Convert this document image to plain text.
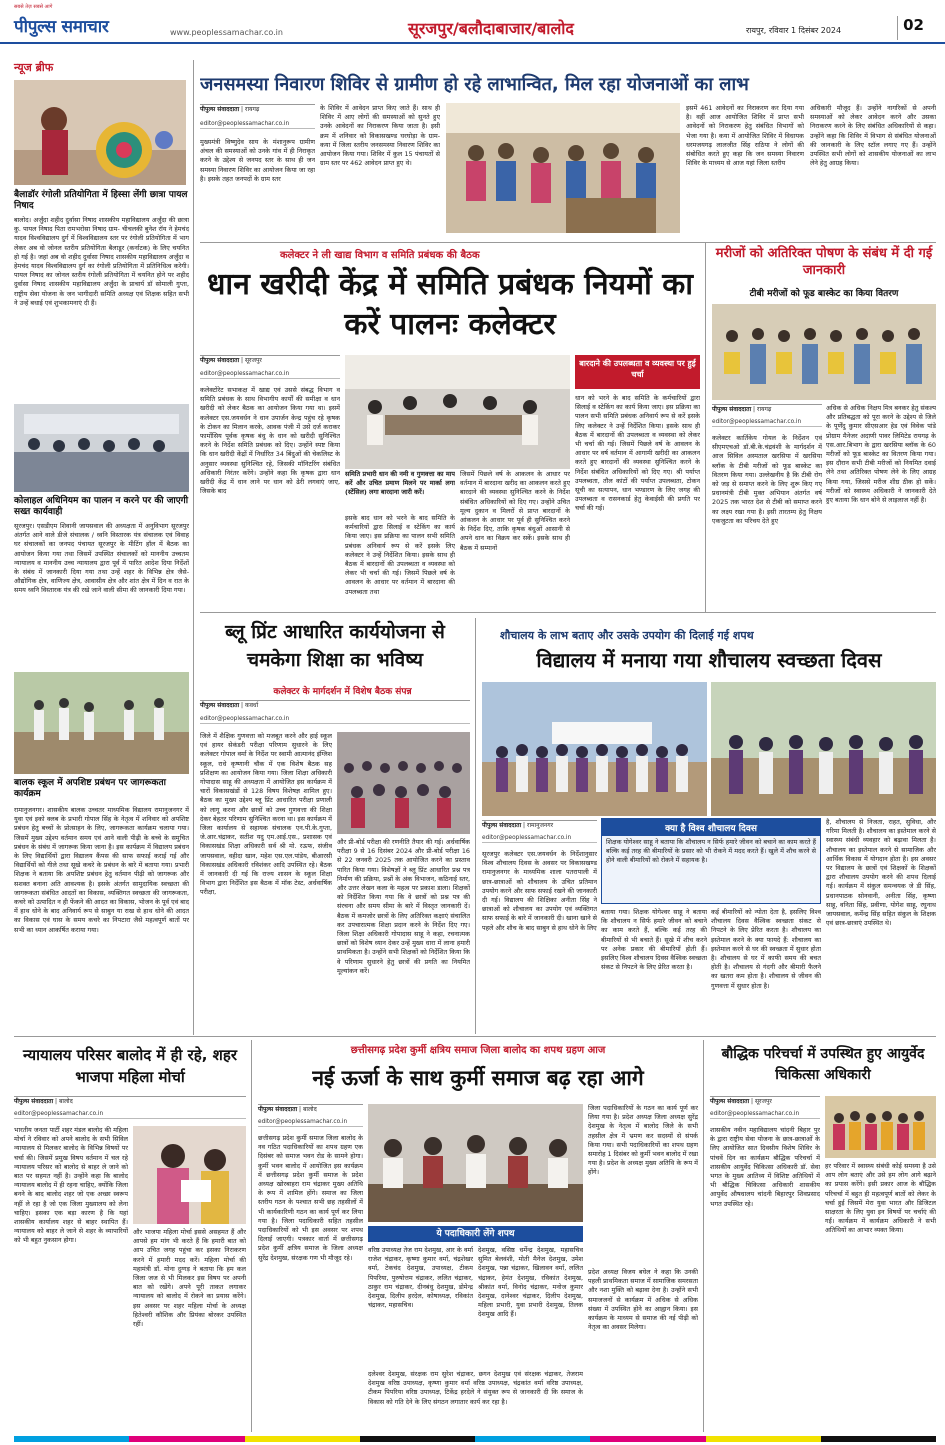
सबसे तेज़ सबसे आगे
पीपुल्स समाचार	www.peoplessamachar.co.in	सूरजपुर/बलौदाबाजार/बालोद	रायपुर, रविवार 1 दिसंबर 2024	02
न्यूज ब्रीफ
बैलाडॉर रंगोली प्रतियोगिता में हिस्सा लेंगी छात्रा पायल निषाद
बालोद। अर्जुंदा शहीद दुर्वासा निषाद शासकीय महाविद्यालय अर्जुंदा की छात्रा कु. पायल निषाद पिता रामभरोसा निषाद ग्राम- चीचलकी बुनेश रॉय ने हेमचंद यादव विश्वविद्यालय दुर्ग में विश्वविद्यालय स्तर पर रंगोली प्रतियोगिता में भाग लेकर अब वो जोनल स्तरीय प्रतियोगिता बैलाडूर (कर्नाटक) के लिए चयनित हो गई है। जहां अब वो शहीद दुर्वासा निषाद शासकीय महाविद्यालय अर्जुंदा व हेमचंद यादव विश्वविद्यालय दुर्ग का रंगोली प्रतियोगिता में प्रतिनिधित्व करेगी। पायल निषाद का जोनल स्तरीय रंगोली प्रतियोगिता में चयनित होने पर शहीद दुर्वासा निषाद शासकीय महाविद्यालय अर्जुंदा के प्राचार्य डॉ सोमाली गुप्ता, राष्ट्रीय सेवा योजना के जन भागीदारी समिति अध्यक्ष एवं शिक्षक सहित सभी ने उन्हें बधाई एवं शुभकामनाएं दी हैं।
कोलाहल अधिनियम का पालन न करने पर की जाएगी सख्त कार्यवाही
सूरजपुर। एसडीएम शिवानी जायसवाल की अध्यक्षता में अनुविभाग सूरजपुर अंतर्गत आने वाले डीजे संचालक / ध्वनि विस्तारक यंत्र संचालक एवं विवाह घर संचालकों का जनपद पंचायत सूरजपुर के मीटिंग हॉल में बैठक का आयोजन किया गया तथा जिसमें उपस्थित संचालकों को माननीय उच्चतम न्यायालय व माननीय उच्च न्यायालय द्वारा पूर्व में पारित आदेश दिया निर्देशों के संबंध में जानकारी दिया गया तथा उन्हें शहर के विभिन्न क्षेत्र जैसे- औद्योगिक क्षेत्र, वाणिज्य क्षेत्र, आवासीय क्षेत्र और शांत क्षेत्र में दिन व रात के समय ध्वनि विस्तारक यंत्र की रखे जाने वाली सीमा की जानकारी दिया गया।
बालक स्कूल में अपशिष्ट प्रबंधन पर जागरूकता कार्यक्रम
रामानुजनगर। शासकीय बालक उच्चतर माध्यमिक विद्यालय रामानुजनगर में युवा एवं इको क्लब के प्रभारी गोपाल सिंह के नेतृत्व में शनिवार को अपशिष्ट प्रबंधन हेतु बच्चों के प्रोत्साहन के लिए, जागरूकता कार्यक्रम चलाया गया। जिसमें मुख्य उद्देश्य वर्तमान समय एवं आने वाली पीढ़ी के बच्चे के समुचित प्रबंधन के संबंध में जागरूक किया जाना है। इस कार्यक्रम में विद्यालय प्रबंधन के लिए विद्यार्थियों द्वारा विद्यालय कैंपस की साफ सफाई कराई गई और विद्यार्थियों को गीले तथा सूखे कचरे के प्रबंधन के बारे में बताया गया। प्रभारी शिक्षक ने बताया कि अपशिष्ट प्रबंधन हेतु वर्तमान पीढ़ी को जागरूक और सशक्त बनाना अति आवश्यक है। इसके अंतर्गत सामुदायिक स्वच्छता की जागरूकता संबंधित आदतों का विकास, व्यक्तिगत स्वच्छता की जागरूकता, कचरे को उत्पादित न ही फेंकने की आदत का विकास, भोजन के पूर्व एवं बाद में हाथ धोने के बाद अनिवार्य रूप से साबुन या राख से हाथ धोने की आदत का विकास एवं घास के समय कचरे का निपटारा जैसे महत्वपूर्ण बातों पर सभी का ध्यान आकर्षित कराया गया।
जनसमस्या निवारण शिविर से ग्रामीण हो रहे लाभान्वित, मिल रहा योजनाओं का लाभ
पीपुल्स संवाददाता | रायगढ़
editor@peoplessamachar.co.in
मुख्यमंत्री विष्णुदेव साय के मंशानुरूप ग्रामीण अंचल की समस्याओं को उनके गांव में ही निराकृत करने के उद्देश्य से जनपद स्तर के साथ ही जन समस्या निवारण शिविर का आयोजन किया जा रहा है। इसके तहत जनपदों के ग्राम स्तर
के शिविर में आवेदन प्राप्त किए जाते हैं। साथ ही शिविर में आए लोगों की समस्याओं को सुनते हुए उनके आवेदनों का निराकरण किया जाता है। इसी क्रम में शनिवार को विकासखण्ड घरघोड़ा के ग्राम-कया में जिला स्तरीय जनसमस्या निवारण शिविर का आयोजन किया गया। शिविर में कुल 15 पंचायतों से ग्राम स्तर पर 462 आवेदन प्राप्त हुए थे।
इसमें 461 आवेदनों का निराकरण कर दिया गया है। वहीं आज आयोजित शिविर में प्राप्त सभी आवेदनों को निराकरण हेतु संबंधित विभागों को भेजा गया है। कया में आयोजित शिविर में विधायक धरमजयगढ़ लालजीत सिंह राठिया ने लोगों की संबोधित करते हुए कहा कि जन समस्या निवारण शिविर के माध्यम से आज यहां जिला स्तरीय
अधिकारी मौजूद हैं। उन्होंने नागरिकों से अपनी समस्याओं को लेकर आवेदन करने और उसका निराकरण करने के लिए संबंधित अधिकारियों से कहा। उन्होंने कहा कि शिविर में विभाग से संबंधित योजनाओं की जानकारी के लिए स्टॉल लगाए गए हैं। उन्होंने उपस्थित सभी लोगों को शासकीय योजनाओं का लाभ लेने हेतु आग्रह किया।
कलेक्टर ने ली खाद्य विभाग व समिति प्रबंधक की बैठक
धान खरीदी केंद्र में समिति प्रबंधक नियमों का करें पालनः कलेक्टर
पीपुल्स संवाददाता | सूरजपुर
editor@peoplessamachar.co.in
कलेक्टोरेट सभाकक्ष में खाद्य एवं उससे संबद्ध विभाग व समिति प्रबंधक के साथ विभागीय कार्यों की समीक्षा व धान खरीदी को लेकर बैठक का आयोजन किया गया था। इसमें कलेक्टर एस.जयवर्धन ने धान उपार्जन केन्द्र पहुंच रहे कृषक के टोकन का मिलान करके, आवक पंजी में उसे दर्ज कराकर फार्मोसिय पूर्वक कृषक बंधु के धान को खरीदी सुनिश्चित करने के निर्देश समिति प्रबंधक को दिए। उन्होंने स्पष्ट किया कि धान खरीदी केंद्रों में निर्धारित 34 बिंदुओं की चेकलिस्ट के अनुसार व्यवस्था सुनिश्चित रहे, जिसकी मॉनिटरिंग संबंधित अधिकारी निरंतर करेंगे। उन्होंने कहा कि कृषक द्वारा धान खरीदी केंद्र में धान लाने पर धान को ढेरी लगवाएं जाए, जिसके बाद
समिति प्रभारी धान की नमी व गुणवत्ता का माप करें और उचित प्रमाण मिलने पर मार्का लगा (स्टेंसिल) लगा बारदाना जारी करें।
इसके बाद धान को भरने के बाद समिति के कर्मचारियों द्वारा सिलाई व स्टेकिंग का कार्य किया जाए। इस प्रक्रिया का पालन सभी समिति प्रबंधक अनिवार्य रूप से करें इसके लिए कलेक्टर ने उन्हें निर्देशित किया। इसके साथ ही बैठक में बारदानों की उपलब्धता व व्यवस्था को लेकर भी चर्चा की गई। जिसमें पिछले वर्ष के आवलन के आधार पर वर्तमान में बारदाना की उपलब्धता तथा
जिसमें पिछले वर्ष के आकलन के आधार पर वर्तमान में बारदाना खरीद का आकलन करते हुए बारदाने की व्यवस्था सुनिश्चित करने के निर्देश संबंधित अधिकारियों को दिए गए। उन्होंने उचित मूल्य दुकान व मिलरों से प्राप्त बारदानों के आंकलन के आधार पर पूर्व ही सुनिश्चित करने के निर्देश दिए, ताकि कृषक बंधुओं आसानी से अपने धान का विक्रय कर सकें। इसके साथ ही बैठक में सम्मानों
बारदाने की उपलब्धता व व्यवस्था पर हुई चर्चा
धान को भरने के बाद समिति के कर्मचारियों द्वारा सिलाई व स्टेकिंग का कार्य किया जाए। इस प्रक्रिया का पालन सभी समिति प्रबंधक अनिवार्य रूप से करें इसके लिए कलेक्टर ने उन्हें निर्देशित किया। इसके साथ ही बैठक में बारदानों की उपलब्धता व व्यवस्था को लेकर भी चर्चा की गई। जिसमें पिछले वर्ष के आवलन के आधार पर वर्ष वर्तमान में आगामी खरीदी का आकलन करते हुए बारदानों की व्यवस्था सुनिश्चित करने के निर्देश संबंधित अधिकारियों को दिए गए। श्री पर्याप्त उपलब्धता, तौल कांटों की पर्याप्त उपलब्धता, टोकन सूची का सत्यापन, धान भण्डारण के लिए जगह की उपलब्धता व रासनकार्ड हेतु केवाईसी की प्रगति पर चर्चा की गई।
मरीजों को अतिरिक्त पोषण के संबंध में दी गई जानकारी
टीबी मरीजों को फूड बास्केट का किया वितरण
पीपुल्स संवाददाता | रायगढ़
editor@peoplessamachar.co.in
कलेक्टर कार्तिकेय गोयल के निर्देशन एवं सीएमएचओ डॉ.बी.के.चंद्रवंशी के मार्गदर्शन में आज सिविल अस्पताल खरसिया में खरसिया ब्लॉक के टीबी मरीजों को फूड बास्केट का वितरण किया गया। उल्लेखनीय है कि टीबी रोग को जड़ से समाप्त करने के लिए शुरू किए गए प्रधानमंत्री टीबी मुक्त अभियान अंतर्गत वर्ष 2025 तक भारत देश से टीबी को समाप्त करने का लक्ष्य रखा गया है। इसी तारतम्य हेतु निक्षय एकजुटता का परिचय देते हुए
अधिक से अधिक निक्षय मित्र बनकर हेतु संकल्प और प्रतिबद्धता को पूरा करने के उद्देश्य से जिले के पूर्णेंदु कुमार सीएसआर हेड एवं विवेक पांडे प्रोग्राम मैनेजर अदाणी पावर लिमिटेड रायगढ़ के एस.आर.बिभाग के द्वारा खरसिया ब्लॉक के 60 मरीजों को फूड बास्केट का वितरण किया गया। इस दौरान सभी टीबी मरीजों को नियमित दवाई लेने तथा अतिरिक्त पोषण लेने के लिए आग्रह किया गया, जिससे मरीज शीघ्र ठीक हो सकें। मरीजों को स्वास्थ्य अधिकारी ने जानकारी देते हुए बताया कि धान बोने से लाइलाज नहीं है।
ब्लू प्रिंट आधारित कार्ययोजना से चमकेगा शिक्षा का भविष्य
कलेक्टर के मार्गदर्शन में विशेष बैठक संपन्न
पीपुल्स संवाददाता | कवर्धा
editor@peoplessamachar.co.in
जिले में शैक्षिक गुणवत्ता को मजबूत करने और हाई स्कूल एवं हायर सेकंडरी परीक्षा परिणाम सुधारने के लिए कलेक्टर गोपाल वर्मा के निर्देश पर स्वामी आत्मानंद इंग्लिश स्कूल, राधे कृष्णानी चौक में एक विशेष बैठक सह प्रशिक्षण का आयोजन किया गया। जिला शिक्षा अधिकारी गोपादास साहू की अध्यक्षता में आयोजित इस कार्यक्रम में चारों विकासखंडों से 128 विषय विशेषज्ञ शामिल हुए। बैठक का मुख्य उद्देश्य ब्लू प्रिंट आधारित परीक्षा प्रणाली को लागू करना और छात्रों को उच्च गुणवत्ता की शिक्षा देकर बेहतर परिणाम सुनिश्चित करना था। इस कार्यक्रम में जिला कार्यालय से सहायक संचालक एन.पी.के.गुप्ता, जे.आर.चंद्राकर, सतीश यदु एम.आई.एस., प्रशासक एवं विकासखंड शिक्षा अधिकारी सर्व श्री मो. रऊफ, संजीव जायसवाल, वहीदा खान, महेश एस.एल.पांडेय, बीआरसी विकासखंड अधिकारी रविशंकर आदि उपस्थित रहे। बैठक में जानकारी दी गई कि राज्य शासन के स्कूल शिक्षा विभाग द्वारा निर्देशित इस बैठक में मॉक टेस्ट, अर्धवार्षिक परीक्षा,
और प्री-बोर्ड परीक्षा की रणनीति तैयार की गई। अर्धवार्षिक परीक्षा 9 से 16 दिसंबर 2024 और प्री-बोर्ड परीक्षा 16 से 22 जनवरी 2025 तक आयोजित करने का प्रस्ताव पारित किया गया। विशेषज्ञों ने ब्लू प्रिंट आधारित प्रश्न पत्र निर्माण की प्रक्रिया, प्रश्नों के अंक विभाजन, कठिनाई स्तर, और उत्तर लेखन कला के महत्व पर प्रकाश डाला। शिक्षकों को निर्देशित किया गया कि वे छात्रों को प्रश्न पत्र की संरचना और समय सीमा के बारे में विस्तृत जानकारी दें। बैठक में कमजोर छात्रों के लिए अतिरिक्त कक्षाएं संचालित कर उपचारात्मक शिक्षा प्रदान करने के निर्देश दिए गए। जिला शिक्षा अधिकारी गोपादास साहू ने कहा, रचनात्मक छात्रों को विशेष ध्यान देकर उन्हें मुख्य धारा में लाना हमारी प्राथमिकता है। उन्होंने सभी शिक्षकों को निर्देशित किया कि वे परिणाम सुधारने हेतु छात्रों की प्रगति का नियमित मूल्यांकन करें।
शौचालय के लाभ बताए और उसके उपयोग की दिलाई गई शपथ
विद्यालय में मनाया गया शौचालय स्वच्छता दिवस
पीपुल्स संवाददाता | रामानुजनगर
editor@peoplessamachar.co.in
सूरजपुर कलेक्टर एस.जयवर्धन के निर्देशानुसार विश्व शौचालय दिवस के अवसर पर विकासखण्ड रामानुजनगर के माध्यमिक शाला पतरापाली में छात्र-छात्राओं को शौचालय के उचित प्रतिमान उपयोग करने और साफ सफाई रखने की जानकारी दी गई। विद्यालय की शिक्षिका अनीता सिंह ने छात्राओं को शौचालय का उपयोग एवं व्यक्तिगत साफ सफाई के बारे में जानकारी दी। खाना खाने से पहले और शौच के बाद साबुन से हाथ धोने के लिए
क्या है विश्व शौचालय दिवस
शिक्षक योगेश्वर साहू ने बताया कि शौचालय न सिर्फ हमारे जीवन को बचाने का काम करते हैं बल्कि कई तरह की बीमारियों के प्रसार को भी रोकने में मदद करते हैं। खुले में शौच करने से होने वाली बीमारियों को रोकने में सहायक है।
बताया गया। शिक्षक योगेश्वर साहू ने बताया कि शौचालय न सिर्फ हमारे जीवन को बचाने का काम करते हैं, बल्कि कई तरह की बीमारियों से भी बचाते हैं। सूखे में शीच करने पर अनेक प्रकार की बीमारियाँ होती हैं। इसलिए विश्व शौचालय दिवस वैश्विक स्वच्छता संकट से निपटने के लिए प्रेरित करता है।
कई बीमारियों को न्योता देता है, इसलिए विश्व शौचालय दिवस वैश्विक स्वच्छता संकट से निपटने के लिए प्रेरित करता है। शौचालय का इस्तेमाल करने के क्या फायदे हैं: शौचालय का इस्तेमाल करने से घर की स्वच्छता में सुधार होता है। शौचालय से घर में काफी समय की बचत होती है। शौचालय से गंदगी और बीमारी फैलने का खतरा कम होता है। शौचालय से जीवन की गुणवत्ता में सुधार होता है।
है, शौचालय से निजता, राहत, सुविधा, और गरिमा मिलती है। शौचालय का इस्तेमाल करने से स्वास्थ्य संबंधी व्यवहार को बढ़ावा मिलता है। शौचालय का इस्तेमाल करने से सामाजिक और आर्थिक विकास में योगदान होता है। इस अवसर पर विद्यालय के छात्रों एवं शिक्षकों के शिक्षकों द्वारा शौचालय उपयोग करने की शपथ दिलाई गई। कार्यक्रम में संकुल समन्वयक जे डी सिंह, प्रधानपाठक सोनवानी, अनीता सिंह, कृष्णा साहू, वनिता सिंह, प्रवीणा, योगेश साहू, रघुनाथ जायसवाल, कर्मेन्द्र सिंह सहित संकुल के शिक्षक एवं छात्र-छात्राएं उपस्थित थे।
न्यायालय परिसर बालोद में ही रहे, शहर भाजपा महिला मोर्चा
पीपुल्स संवाददाता | बालोद
editor@peoplessamachar.co.in
भारतीय जनता पार्टी शहर मंडल बालोद की महिला मोर्चा ने रविवार को अपने बालोद के सभी सिविल न्यायालय से मिलकर बालोद के विभिन्न विषयों पर चर्चा की। जिसमें प्रमुख विषय वर्तमान में चल रहे न्यायालय परिसर को बालोद से बाहर ले जाने को बात पर सहमत नहीं है। उन्होंने कहा कि बालोद न्यायालय बालोद में ही रहना चाहिए, क्योंकि जिला बनने के बाद बालोद शहर जो एक अच्छा स्वरूप नहीं ले रहा है जो एक जिला मुख्यालय को लेना चाहिए। इसका एक बड़ा कारण है कि यहां शासकीय कार्यालय शहर से बाहर स्थापित हैं। न्यायालय को बाहर ले जाने से शहर के व्यापारियों को भी बहुत नुकसान होगा।
और भाजपा महिला मोर्चा इससे असहमत हैं और आपसे हम मांग भी करते हैं कि हमारी बात को आप उचित जगह पहुंचा कर इसका निराकरण करने में हमारी मदद करें। महिला मोर्चा की महामंत्री डॉ. मोना दुग्गड़ ने बताया कि हम कल जिला जज से भी मिलकर इस विषय पर अपनी बात को रखेंगे। अपने पूरी ताकत लगाकर न्यायालय को बालोद में रोकने का प्रयास करेंगे। इस अवसर पर शहर महिला मोर्चा के अध्यक्ष हितेश्वरी कौशिक और प्रियंका बोरकर उपस्थित रहीं।
छत्तीसगढ़ प्रदेश कुर्मी क्षत्रिय समाज जिला बालोद का शपथ ग्रहण आज
नई ऊर्जा के साथ कुर्मी समाज बढ़ रहा आगे
पीपुल्स संवाददाता | बालोद
editor@peoplessamachar.co.in
छत्तीसगढ़ प्रदेश कुर्मी समाज जिला बालोद के नव गठित पदाधिकारियों का शपथ ग्रहण एक दिसंबर को समाज भवन रोड के सामने होगा। कुर्मी भवन बालोद में आयोजित इस कार्यक्रम में छत्तीसगढ़ प्रदेश कुर्मी समाज के प्रदेश अध्यक्ष खोरबाहरा राम चंद्राकर मुख्य अतिथि के रूप में शामिल होंगे। समाज का जिला स्तरीय गठन के पश्चात सभी छह तहसीलों में भी कार्यकारिणी गठन का कार्य पूर्ण कर लिया गया है। जिला पदाधिकारी सहित तहसील पदाधिकारियों को भी इस अवसर पर शपथ दिलाई जाएगी। पत्रकार वार्ता में छत्तीसगढ़ प्रदेश कुर्मी क्षत्रिय समाज के जिला अध्यक्ष सुरेंद्र देशमुख, संरक्षक गण भी मौजूद रहे।
ये पदाधिकारी लेंगे शपथ
वरिष्ठ उपाध्यक्ष तेज राम देशमुख, आर के वर्मा राजेश चंद्राकर, कृष्णा कुमार वर्मा, चंद्रशेखर वर्मा, टेकचंद देशमुख, उपाध्यक्ष, टीकम पिपरिया, पुरुषोत्तम चंद्राकर, ललित चंद्राकर, ठाकुर राम चंद्राकर, दीनबंधु देशमुख, डोमेन्द्र देशमुख, दिलीप हरदेल, कोषाध्यक्ष, रविकांत चंद्राकर, महासचिव।
देशमुख, वसिष्ठ धर्मेन्द्र देशमुख, महासचिव सुमित बेलवंशी, मोती मैनेज देशमुख, उमेश देशमुख, पन्ना चंद्राकर, खिलावन वर्मा, ललित चंद्राकर, हेमंत देशमुख, रविकांत देशमुख, श्रीकांत वर्मा, विनोद चंद्राकर, मनोज कुमार देशमुख, दानेश्वर चंद्राकर, दिलीप देशमुख, महिला प्रभारी, युवा प्रभारी देशमुख, तिलक देशमुख आदि हैं।
दलेश्वर देशमुख, संरक्षक राम सुरेश चंद्राकर, छगन देशमुख एवं संरक्षक चंद्राकर, तेजराम देशमुख वरिष्ठ उपाध्यक्ष, कृष्णा कुमार वर्मा वरिष्ठ उपाध्यक्ष, चंद्रकांत वर्मा वरिष्ठ उपाध्यक्ष, टीकम पिपरिया वरिष्ठ उपाध्यक्ष, टिकेंद्र हरदेले ने संयुक्त रूप से जानकारी दी कि समाज के विकास को गति देने के लिए संगठन लगातार कार्य कर रहा है।
जिला पदाधिकारियों के गठन का कार्य पूर्ण कर लिया गया है। प्रदेश अध्यक्ष जिला अध्यक्ष सुरेंद्र देशमुख के नेतृत्व में बालोद जिले के सभी तहसील क्षेत्र में भ्रमण कर सदस्यों से संपर्क किया गया। सभी पदाधिकारियों का शपथ ग्रहण समारोह 1 दिसंबर को कुर्मी भवन बालोद में रखा गया है। प्रदेश के अध्यक्ष मुख्य अतिथि के रूप में होंगे।
प्रदेश अध्यक्ष विजय बघेल ने कहा कि उनकी पहली प्राथमिकता समाज में सामाजिक समरसता और नशा मुक्ति को बढ़ावा देना है। उन्होंने सभी समाजजनों से कार्यक्रम में अधिक से अधिक संख्या में उपस्थित होने का आह्वान किया। इस कार्यक्रम के माध्यम से समाज की नई पीढ़ी को नेतृत्व का अवसर मिलेगा।
बौद्धिक परिचर्चा में उपस्थित हुए आयुर्वेद चिकित्सा अधिकारी
पीपुल्स संवाददाता | सूरजपुर
editor@peoplessamachar.co.in
शासकीय नवीन महाविद्यालय चांदनी बिहार पुर के द्वारा राष्ट्रीय सेवा योजना के छात्र-छात्राओं के लिए आयोजित सात दिवसीय विशेष शिविर के पांचवें दिन का कार्यक्रम बौद्धिक परिचर्चा में शासकीय आयुर्वेद चिकित्सा अधिकारी डॉ. सेवा भगत के मुख्य आतिथ्य में विशिष्ट अतिथियों में भी बौद्धिक चिकित्सा अधिकारी शासकीय आयुर्वेद औषधालय चांदनी बिहारपुर शिवप्रसाद भगत उपस्थित रहे।
हर परिवार में स्वास्थ्य संबंधी कोई समस्या है उसे आप लोग बताएं और उसे हम लोग आगे बढ़ाने का प्रयास करेंगे। इसी प्रकार आज के बौद्धिक परिचर्चा में बहुत ही महत्वपूर्ण बातों को लेकर के चर्चा हुई जिसमें मेरा युवा भारत और डिजिटल साक्षरता के लिए युवा इन विषयों पर चर्चाएं की गईं। कार्यक्रम में कार्यक्रम अधिकारी ने सभी अतिथियों का आभार व्यक्त किया।
